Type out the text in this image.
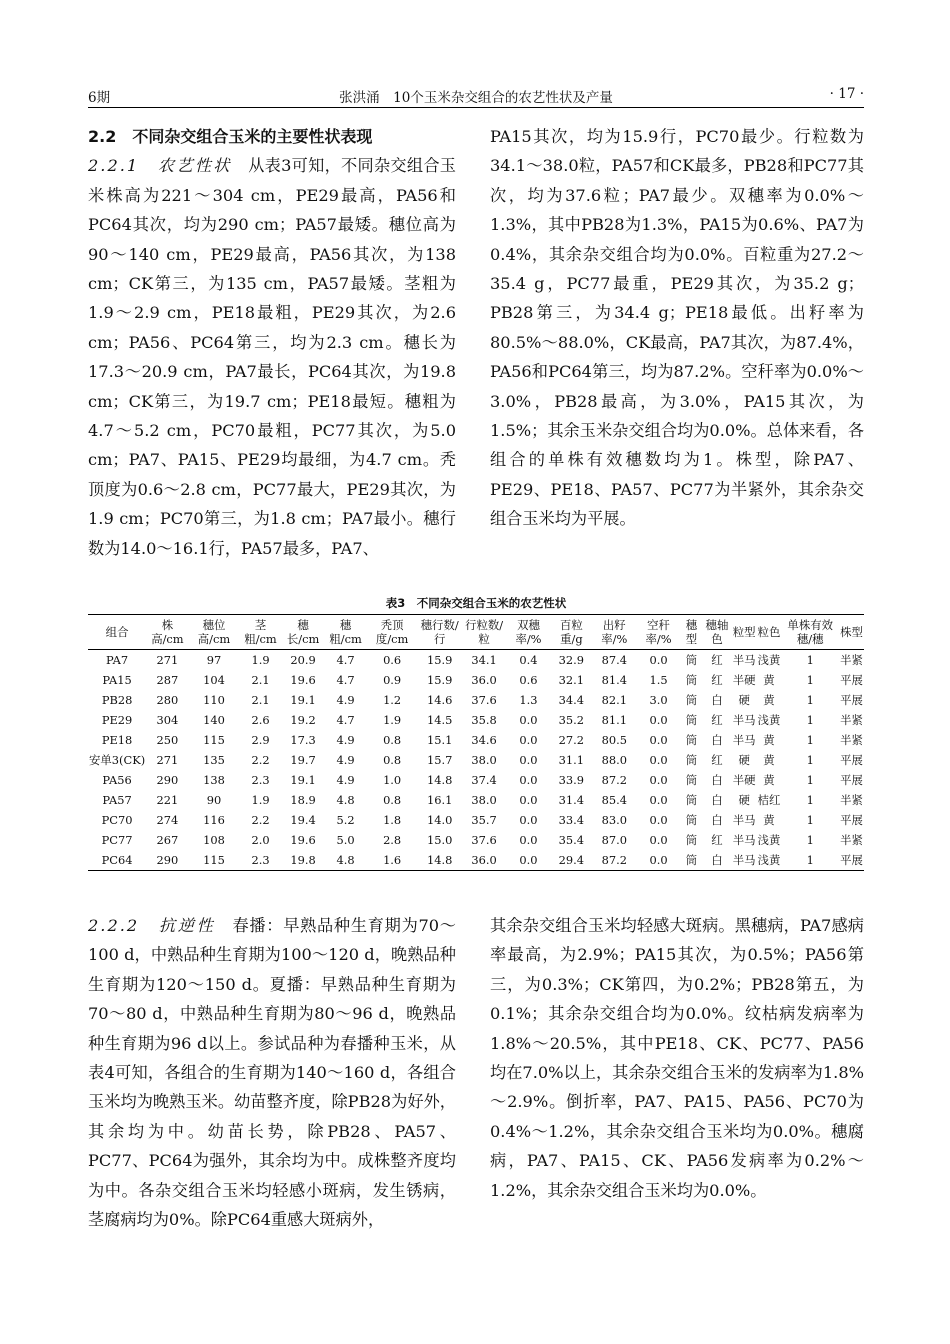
6期	张洪涌　10个玉米杂交组合的农艺性状及产量	· 17 ·

2.2　不同杂交组合玉米的主要性状表现

2.2.1　农艺性状　从表3可知，不同杂交组合玉米株高为221～304 cm，PE29最高，PA56和PC64其次，均为290 cm；PA57最矮。穗位高为90～140 cm，PE29最高，PA56其次，为138 cm；CK第三，为135 cm，PA57最矮。茎粗为1.9～2.9 cm，PE18最粗，PE29其次，为2.6 cm；PA56、PC64第三，均为2.3 cm。穗长为17.3～20.9 cm，PA7最长，PC64其次，为19.8 cm；CK第三，为19.7 cm；PE18最短。穗粗为4.7～5.2 cm，PC70最粗，PC77其次，为5.0 cm；PA7、PA15、PE29均最细，为4.7 cm。秃顶度为0.6～2.8 cm，PC77最大，PE29其次，为1.9 cm；PC70第三，为1.8 cm；PA7最小。穗行数为14.0～16.1行，PA57最多，PA7、

PA15其次，均为15.9行，PC70最少。行粒数为34.1～38.0粒，PA57和CK最多，PB28和PC77其次，均为37.6粒；PA7最少。双穗率为0.0%～1.3%，其中PB28为1.3%，PA15为0.6%、PA7为0.4%，其余杂交组合均为0.0%。百粒重为27.2～35.4 g，PC77最重，PE29其次，为35.2 g；PB28第三，为34.4 g；PE18最低。出籽率为80.5%～88.0%，CK最高，PA7其次，为87.4%，PA56和PC64第三，均为87.2%。空秆率为0.0%～3.0%，PB28最高，为3.0%，PA15其次，为1.5%；其余玉米杂交组合均为0.0%。总体来看，各组合的单株有效穗数均为1。株型，除PA7、PE29、PE18、PA57、PC77为半紧外，其余杂交组合玉米均为平展。

表3　不同杂交组合玉米的农艺性状
组合	株高/cm	穗位高/cm	茎粗/cm	穗长/cm	穗粗/cm	秃顶度/cm	穗行数/行	行粒数/粒	双穗率/%	百粒重/g	出籽率/%	空秆率/%	穗型	穗轴色	粒型	粒色	单株有效穗/穗	株型
PA7	271	97	1.9	20.9	4.7	0.6	15.9	34.1	0.4	32.9	87.4	0.0	筒	红	半马	浅黄	1	半紧
PA15	287	104	2.1	19.6	4.7	0.9	15.9	36.0	0.6	32.1	81.4	1.5	筒	红	半硬	黄	1	平展
PB28	280	110	2.1	19.1	4.9	1.2	14.6	37.6	1.3	34.4	82.1	3.0	筒	白	硬	黄	1	平展
PE29	304	140	2.6	19.2	4.7	1.9	14.5	35.8	0.0	35.2	81.1	0.0	筒	红	半马	浅黄	1	半紧
PE18	250	115	2.9	17.3	4.9	0.8	15.1	34.6	0.0	27.2	80.5	0.0	筒	白	半马	黄	1	半紧
安单3(CK)	271	135	2.2	19.7	4.9	0.8	15.7	38.0	0.0	31.1	88.0	0.0	筒	红	硬	黄	1	平展
PA56	290	138	2.3	19.1	4.9	1.0	14.8	37.4	0.0	33.9	87.2	0.0	筒	白	半硬	黄	1	平展
PA57	221	90	1.9	18.9	4.8	0.8	16.1	38.0	0.0	31.4	85.4	0.0	筒	白	硬	桔红	1	半紧
PC70	274	116	2.2	19.4	5.2	1.8	14.0	35.7	0.0	33.4	83.0	0.0	筒	白	半马	黄	1	平展
PC77	267	108	2.0	19.6	5.0	2.8	15.0	37.6	0.0	35.4	87.0	0.0	筒	红	半马	浅黄	1	半紧
PC64	290	115	2.3	19.8	4.8	1.6	14.8	36.0	0.0	29.4	87.2	0.0	筒	白	半马	浅黄	1	平展

2.2.2　抗逆性　春播：早熟品种生育期为70～100 d，中熟品种生育期为100～120 d，晚熟品种生育期为120～150 d。夏播：早熟品种生育期为70～80 d，中熟品种生育期为80～96 d，晚熟品种生育期为96 d以上。参试品种为春播种玉米，从表4可知，各组合的生育期为140～160 d，各组合玉米均为晚熟玉米。幼苗整齐度，除PB28为好外，其余均为中。幼苗长势，除PB28、PA57、PC77、PC64为强外，其余均为中。成株整齐度均为中。各杂交组合玉米均轻感小斑病，发生锈病，茎腐病均为0%。除PC64重感大斑病外，

其余杂交组合玉米均轻感大斑病。黑穗病，PA7感病率最高，为2.9%；PA15其次，为0.5%；PA56第三，为0.3%；CK第四，为0.2%；PB28第五，为0.1%；其余杂交组合均为0.0%。纹枯病发病率为1.8%～20.5%，其中PE18、CK、PC77、PA56均在7.0%以上，其余杂交组合玉米的发病率为1.8%～2.9%。倒折率，PA7、PA15、PA56、PC70为0.4%～1.2%，其余杂交组合玉米均为0.0%。穗腐病，PA7、PA15、CK、PA56发病率为0.2%～1.2%，其余杂交组合玉米均为0.0%。
